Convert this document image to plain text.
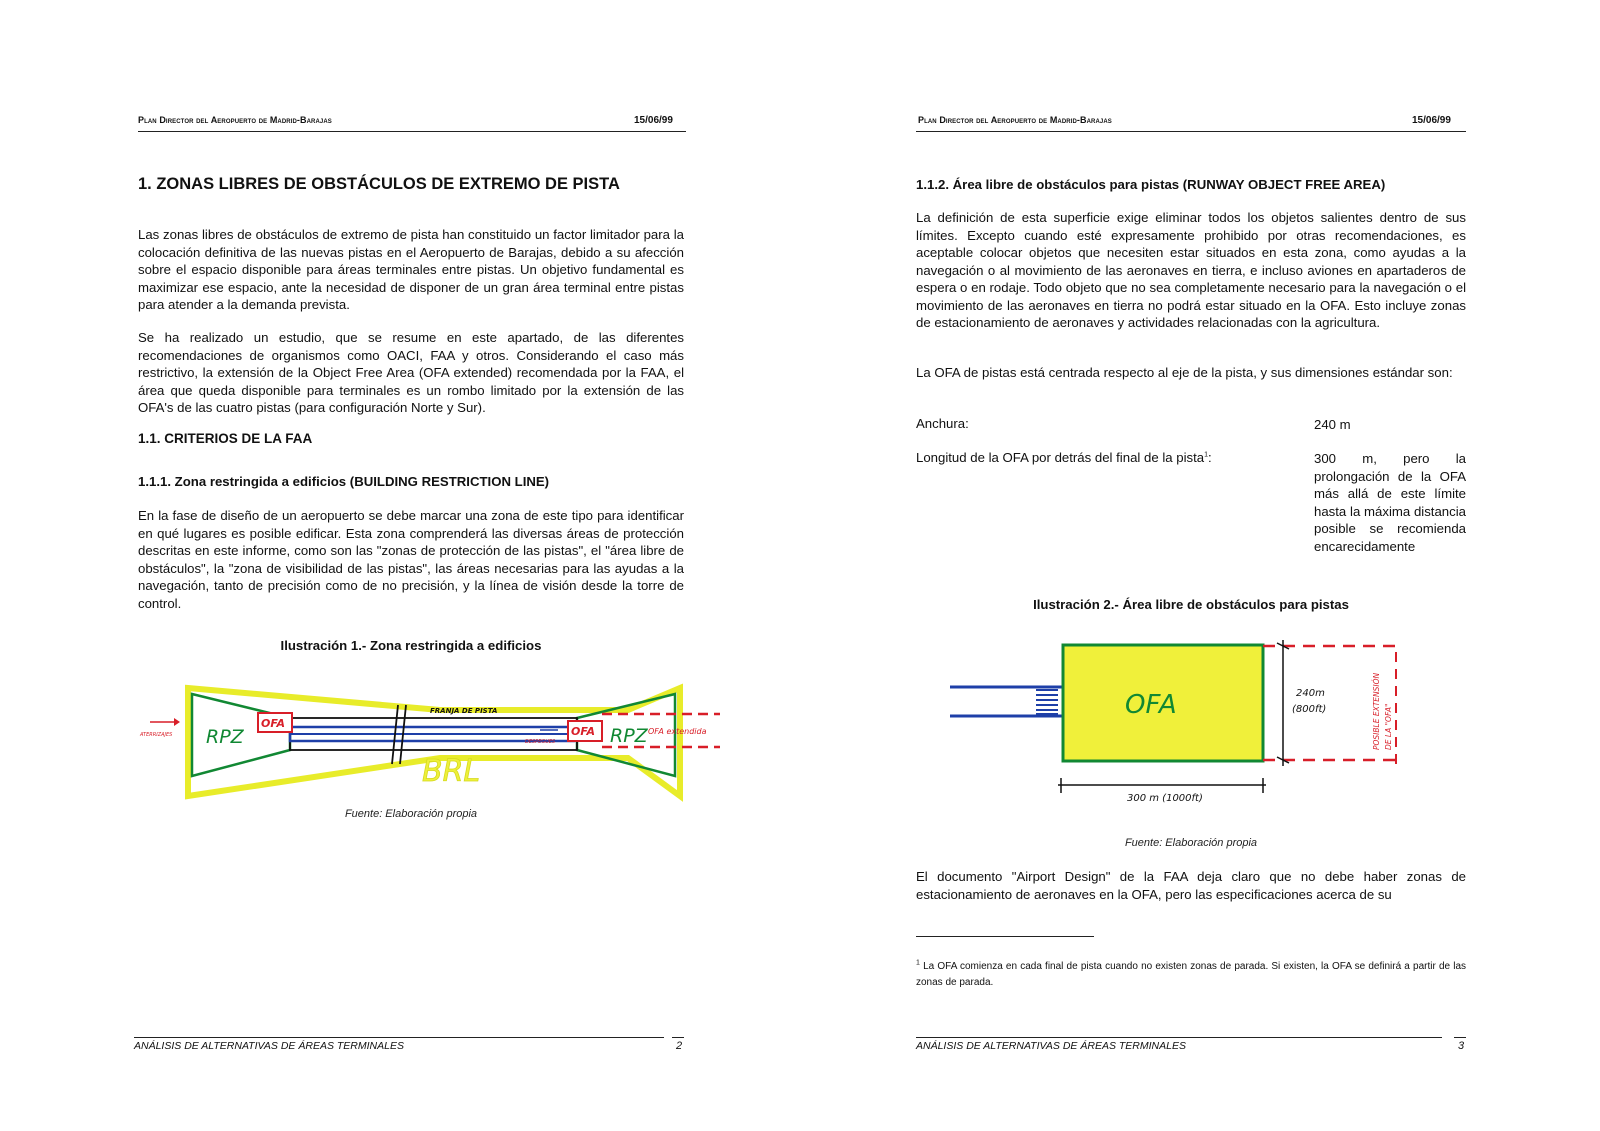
Plan Director del Aeropuerto de Madrid-Barajas	15/06/99
1. ZONAS LIBRES DE OBSTÁCULOS DE EXTREMO DE PISTA
Las zonas libres de obstáculos de extremo de pista han constituido un factor limitador para la colocación definitiva de las nuevas pistas en el Aeropuerto de Barajas, debido a su afección sobre el espacio disponible para áreas terminales entre pistas. Un objetivo fundamental es maximizar ese espacio, ante la necesidad de disponer de un gran área terminal entre pistas para atender a la demanda prevista.
Se ha realizado un estudio, que se resume en este apartado, de las diferentes recomendaciones de organismos como OACI, FAA y otros. Considerando el caso más restrictivo, la extensión de la Object Free Area (OFA extended) recomendada por la FAA, el área que queda disponible para terminales es un rombo limitado por la extensión de las OFA's de las cuatro pistas (para configuración Norte y Sur).
1.1. CRITERIOS DE LA FAA
1.1.1. Zona restringida a edificios (BUILDING RESTRICTION LINE)
En la fase de diseño de un aeropuerto se debe marcar una zona de este tipo para identificar en qué lugares es posible edificar. Esta zona comprenderá las diversas áreas de protección descritas en este informe, como son las "zonas de protección de las pistas", el "área libre de obstáculos", la "zona de visibilidad de las pistas", las áreas necesarias para las ayudas a la navegación, tanto de precisión como de no precisión, y la línea de visión desde la torre de control.
Ilustración 1.- Zona restringida a edificios
RPZ
OFA
FRANJA DE PISTA
OFA RPZ OFA extendida
ATERRIZAJES
DESPEGUES
BRL
Fuente: Elaboración propia
ANÁLISIS DE ALTERNATIVAS DE ÁREAS TERMINALES	2
Plan Director del Aeropuerto de Madrid-Barajas	15/06/99
1.1.2. Área libre de obstáculos para pistas (RUNWAY OBJECT FREE AREA)
La definición de esta superficie exige eliminar todos los objetos salientes dentro de sus límites. Excepto cuando esté expresamente prohibido por otras recomendaciones, es aceptable colocar objetos que necesiten estar situados en esta zona, como ayudas a la navegación o al movimiento de las aeronaves en tierra, e incluso aviones en apartaderos de espera o en rodaje. Todo objeto que no sea completamente necesario para la navegación o el movimiento de las aeronaves en tierra no podrá estar situado en la OFA. Esto incluye zonas de estacionamiento de aeronaves y actividades relacionadas con la agricultura.
La OFA de pistas está centrada respecto al eje de la pista, y sus dimensiones estándar son:
Anchura:	240 m
Longitud de la OFA por detrás del final de la pista$^1$:	300 m, pero la prolongación de la OFA más allá de este límite hasta la máxima distancia posible se recomienda encarecidamente
Ilustración 2.- Área libre de obstáculos para pistas
OFA	240m
(800ft)
300 m (1000ft)
POSIBLE EXTENSIÓN DE LA "OFA"
Fuente: Elaboración propia
El documento "Airport Design" de la FAA deja claro que no debe haber zonas de estacionamiento de aeronaves en la OFA, pero las especificaciones acerca de su
$^1$ La OFA comienza en cada final de pista cuando no existen zonas de parada. Si existen, la OFA se definirá a partir de las zonas de parada.
ANÁLISIS DE ALTERNATIVAS DE ÁREAS TERMINALES	3
